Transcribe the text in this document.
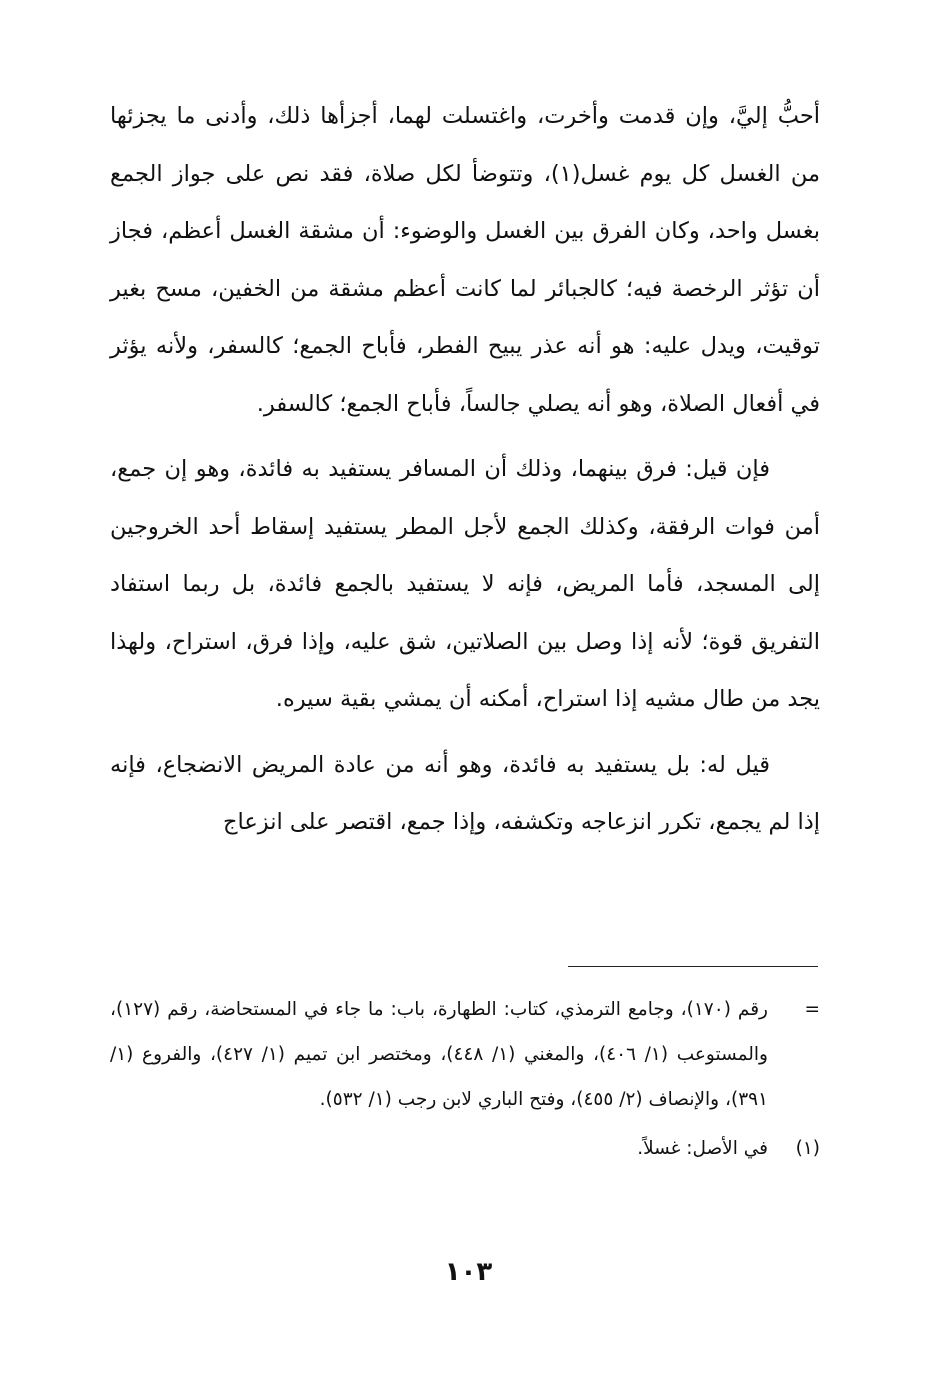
أحبُّ إليَّ، وإن قدمت وأخرت، واغتسلت لهما، أجزأها ذلك، وأدنى ما يجزئها من الغسل كل يوم غسل(١)، وتتوضأ لكل صلاة، فقد نص على جواز الجمع بغسل واحد، وكان الفرق بين الغسل والوضوء: أن مشقة الغسل أعظم، فجاز أن تؤثر الرخصة فيه؛ كالجبائر لما كانت أعظم مشقة من الخفين، مسح بغير توقيت، ويدل عليه: هو أنه عذر يبيح الفطر، فأباح الجمع؛ كالسفر، ولأنه يؤثر في أفعال الصلاة، وهو أنه يصلي جالساً، فأباح الجمع؛ كالسفر.

فإن قيل: فرق بينهما، وذلك أن المسافر يستفيد به فائدة، وهو إن جمع، أمن فوات الرفقة، وكذلك الجمع لأجل المطر يستفيد إسقاط أحد الخروجين إلى المسجد، فأما المريض، فإنه لا يستفيد بالجمع فائدة، بل ربما استفاد التفريق قوة؛ لأنه إذا وصل بين الصلاتين، شق عليه، وإذا فرق، استراح، ولهذا يجد من طال مشيه إذا استراح، أمكنه أن يمشي بقية سيره.

قيل له: بل يستفيد به فائدة، وهو أنه من عادة المريض الانضجاع، فإنه إذا لم يجمع، تكرر انزعاجه وتكشفه، وإذا جمع، اقتصر على انزعاج

=
رقم (١٧٠)، وجامع الترمذي، كتاب: الطهارة، باب: ما جاء في المستحاضة، رقم (١٢٧)، والمستوعب (١/ ٤٠٦)، والمغني (١/ ٤٤٨)، ومختصر ابن تميم (١/ ٤٢٧)، والفروع (١/ ٣٩١)، والإنصاف (٢/ ٤٥٥)، وفتح الباري لابن رجب (١/ ٥٣٢).
(١)
في الأصل: غسلاً.
١٠٣
